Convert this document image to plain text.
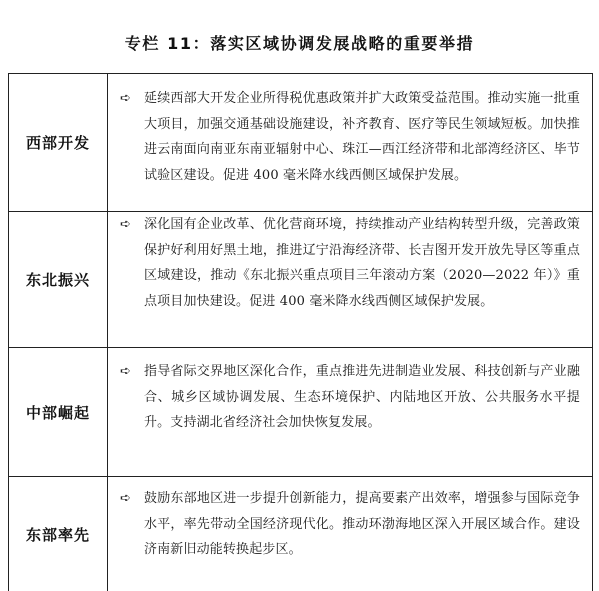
专栏 11：落实区域协调发展战略的重要举措
西部开发
➪ 延续西部大开发企业所得税优惠政策并扩大政策受益范围。推动实施一批重大项目，加强交通基础设施建设，补齐教育、医疗等民生领域短板。加快推进云南面向南亚东南亚辐射中心、珠江—西江经济带和北部湾经济区、毕节试验区建设。促进 400 毫米降水线西侧区域保护发展。
东北振兴
➪ 深化国有企业改革、优化营商环境，持续推动产业结构转型升级，完善政策保护好利用好黑土地，推进辽宁沿海经济带、长吉图开发开放先导区等重点区域建设，推动《东北振兴重点项目三年滚动方案（2020—2022 年）》重点项目加快建设。促进 400 毫米降水线西侧区域保护发展。
中部崛起
➪ 指导省际交界地区深化合作，重点推进先进制造业发展、科技创新与产业融合、城乡区域协调发展、生态环境保护、内陆地区开放、公共服务水平提升。支持湖北省经济社会加快恢复发展。
东部率先
➪ 鼓励东部地区进一步提升创新能力，提高要素产出效率，增强参与国际竞争水平，率先带动全国经济现代化。推动环渤海地区深入开展区域合作。建设济南新旧动能转换起步区。
